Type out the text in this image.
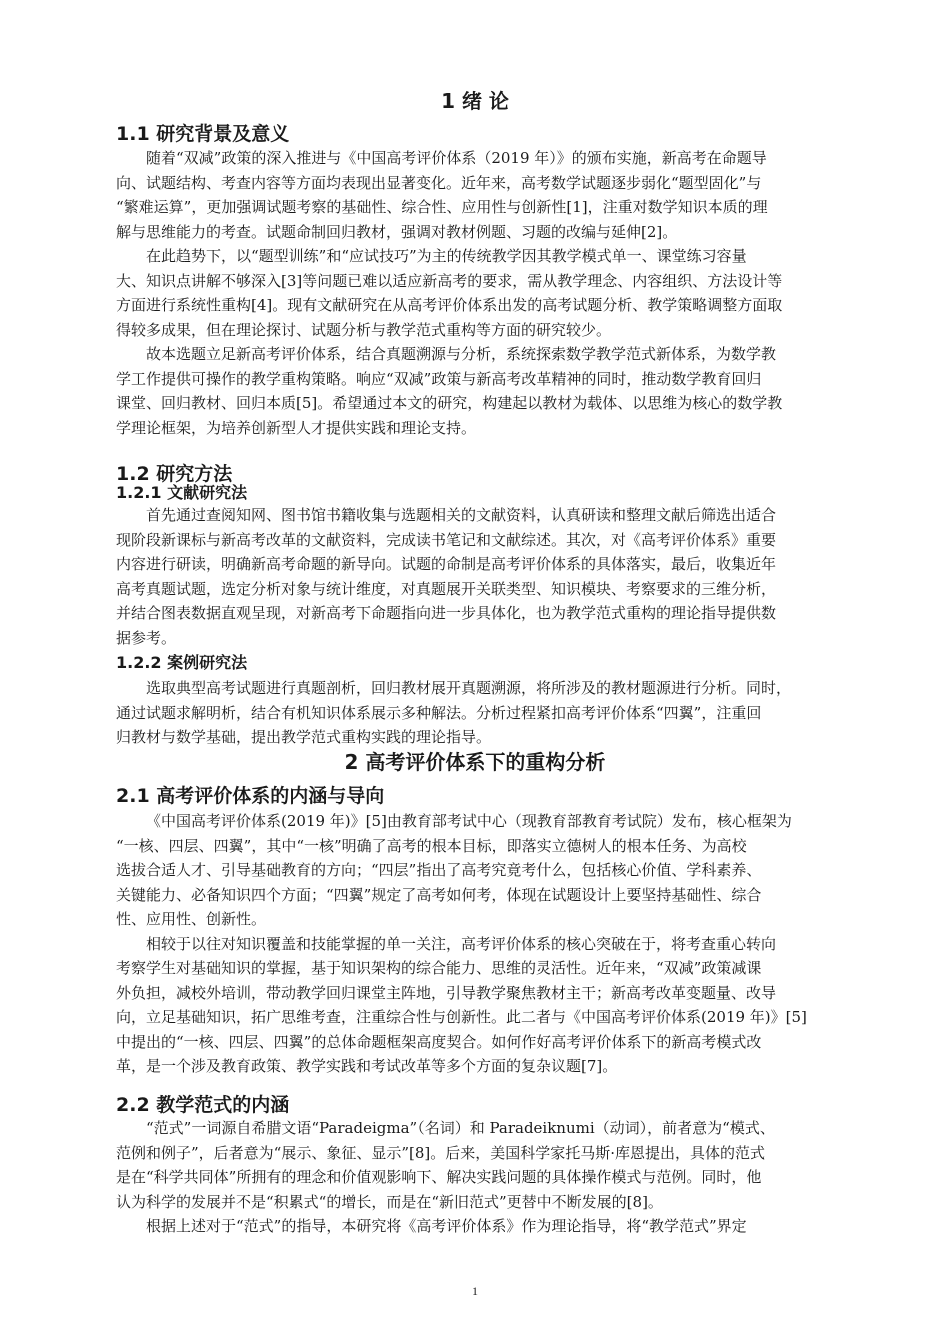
1 绪 论
1.1 研究背景及意义
随着“双减”政策的深入推进与《中国高考评价体系（2019 年）》的颁布实施，新高考在命题导
向、试题结构、考查内容等方面均表现出显著变化。近年来，高考数学试题逐步弱化“题型固化”与
“繁难运算”，更加强调试题考察的基础性、综合性、应用性与创新性[1]，注重对数学知识本质的理
解与思维能力的考查。试题命制回归教材，强调对教材例题、习题的改编与延伸[2]。
在此趋势下，以“题型训练”和“应试技巧”为主的传统教学因其教学模式单一、课堂练习容量
大、知识点讲解不够深入[3]等问题已难以适应新高考的要求，需从教学理念、内容组织、方法设计等
方面进行系统性重构[4]。现有文献研究在从高考评价体系出发的高考试题分析、教学策略调整方面取
得较多成果，但在理论探讨、试题分析与教学范式重构等方面的研究较少。
故本选题立足新高考评价体系，结合真题溯源与分析，系统探索数学教学范式新体系，为数学教
学工作提供可操作的教学重构策略。响应“双减”政策与新高考改革精神的同时，推动数学教育回归
课堂、回归教材、回归本质[5]。希望通过本文的研究，构建起以教材为载体、以思维为核心的数学教
学理论框架，为培养创新型人才提供实践和理论支持。
1.2 研究方法
1.2.1 文献研究法
首先通过查阅知网、图书馆书籍收集与选题相关的文献资料，认真研读和整理文献后筛选出适合
现阶段新课标与新高考改革的文献资料，完成读书笔记和文献综述。其次，对《高考评价体系》重要
内容进行研读，明确新高考命题的新导向。试题的命制是高考评价体系的具体落实，最后，收集近年
高考真题试题，选定分析对象与统计维度，对真题展开关联类型、知识模块、考察要求的三维分析，
并结合图表数据直观呈现，对新高考下命题指向进一步具体化，也为教学范式重构的理论指导提供数
据参考。
1.2.2 案例研究法
选取典型高考试题进行真题剖析，回归教材展开真题溯源，将所涉及的教材题源进行分析。同时，
通过试题求解明析，结合有机知识体系展示多种解法。分析过程紧扣高考评价体系“四翼”，注重回
归教材与数学基础，提出教学范式重构实践的理论指导。
2 高考评价体系下的重构分析
2.1 高考评价体系的内涵与导向
《中国高考评价体系(2019 年)》[5]由教育部考试中心（现教育部教育考试院）发布，核心框架为
“一核、四层、四翼”，其中“一核”明确了高考的根本目标，即落实立德树人的根本任务、为高校
选拔合适人才、引导基础教育的方向；“四层”指出了高考究竟考什么，包括核心价值、学科素养、
关键能力、必备知识四个方面；“四翼”规定了高考如何考，体现在试题设计上要坚持基础性、综合
性、应用性、创新性。
相较于以往对知识覆盖和技能掌握的单一关注，高考评价体系的核心突破在于，将考查重心转向
考察学生对基础知识的掌握，基于知识架构的综合能力、思维的灵活性。近年来，“双减”政策减课
外负担，减校外培训，带动教学回归课堂主阵地，引导教学聚焦教材主干；新高考改革变题量、改导
向，立足基础知识，拓广思维考查，注重综合性与创新性。此二者与《中国高考评价体系(2019 年)》[5]
中提出的“一核、四层、四翼”的总体命题框架高度契合。如何作好高考评价体系下的新高考模式改
革，是一个涉及教育政策、教学实践和考试改革等多个方面的复杂议题[7]。
2.2 教学范式的内涵
“范式”一词源自希腊文语“Paradeigma”（名词）和 Paradeiknumi（动词），前者意为“模式、
范例和例子”，后者意为“展示、象征、显示”[8]。后来，美国科学家托马斯·库恩提出，具体的范式
是在“科学共同体”所拥有的理念和价值观影响下、解决实践问题的具体操作模式与范例。同时，他
认为科学的发展并不是“积累式“的增长，而是在“新旧范式”更替中不断发展的[8]。
根据上述对于“范式”的指导，本研究将《高考评价体系》作为理论指导，将“教学范式”界定
1
